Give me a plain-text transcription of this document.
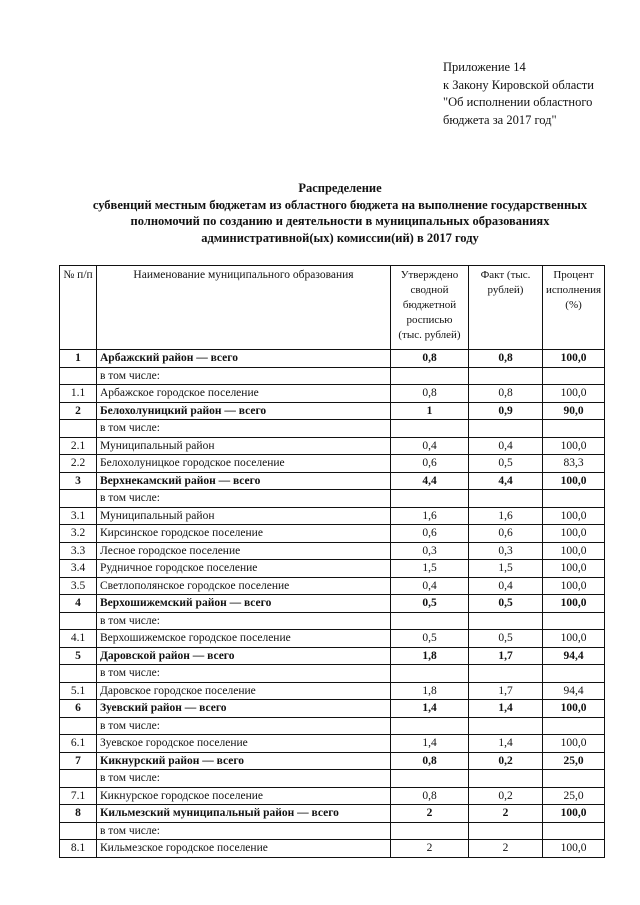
Приложение 14
к Закону Кировской области
"Об исполнении областного
бюджета за 2017 год"
Распределение
субвенций местным бюджетам из областного бюджета на выполнение государственных
полномочий по созданию и деятельности в муниципальных образованиях
административной(ых) комиссии(ий) в 2017 году
№ п/п	Наименование муниципального образования	Утверждено сводной бюджетной росписью (тыс. рублей)	Факт (тыс. рублей)	Процент исполнения (%)
1	Арбажский район — всего	0,8	0,8	100,0
	в том числе:			
1.1	Арбажское городское поселение	0,8	0,8	100,0
2	Белохолуницкий район — всего	1	0,9	90,0
	в том числе:			
2.1	Муниципальный район	0,4	0,4	100,0
2.2	Белохолуницкое городское поселение	0,6	0,5	83,3
3	Верхнекамский район — всего	4,4	4,4	100,0
	в том числе:			
3.1	Муниципальный район	1,6	1,6	100,0
3.2	Кирсинское городское поселение	0,6	0,6	100,0
3.3	Лесное городское поселение	0,3	0,3	100,0
3.4	Рудничное городское поселение	1,5	1,5	100,0
3.5	Светлополянское городское поселение	0,4	0,4	100,0
4	Верхошижемский район — всего	0,5	0,5	100,0
	в том числе:			
4.1	Верхошижемское городское поселение	0,5	0,5	100,0
5	Даровской район — всего	1,8	1,7	94,4
	в том числе:			
5.1	Даровское городское поселение	1,8	1,7	94,4
6	Зуевский район — всего	1,4	1,4	100,0
	в том числе:			
6.1	Зуевское городское поселение	1,4	1,4	100,0
7	Кикнурский район — всего	0,8	0,2	25,0
	в том числе:			
7.1	Кикнурское городское поселение	0,8	0,2	25,0
8	Кильмезский муниципальный район — всего	2	2	100,0
	в том числе:			
8.1	Кильмезское городское поселение	2	2	100,0
